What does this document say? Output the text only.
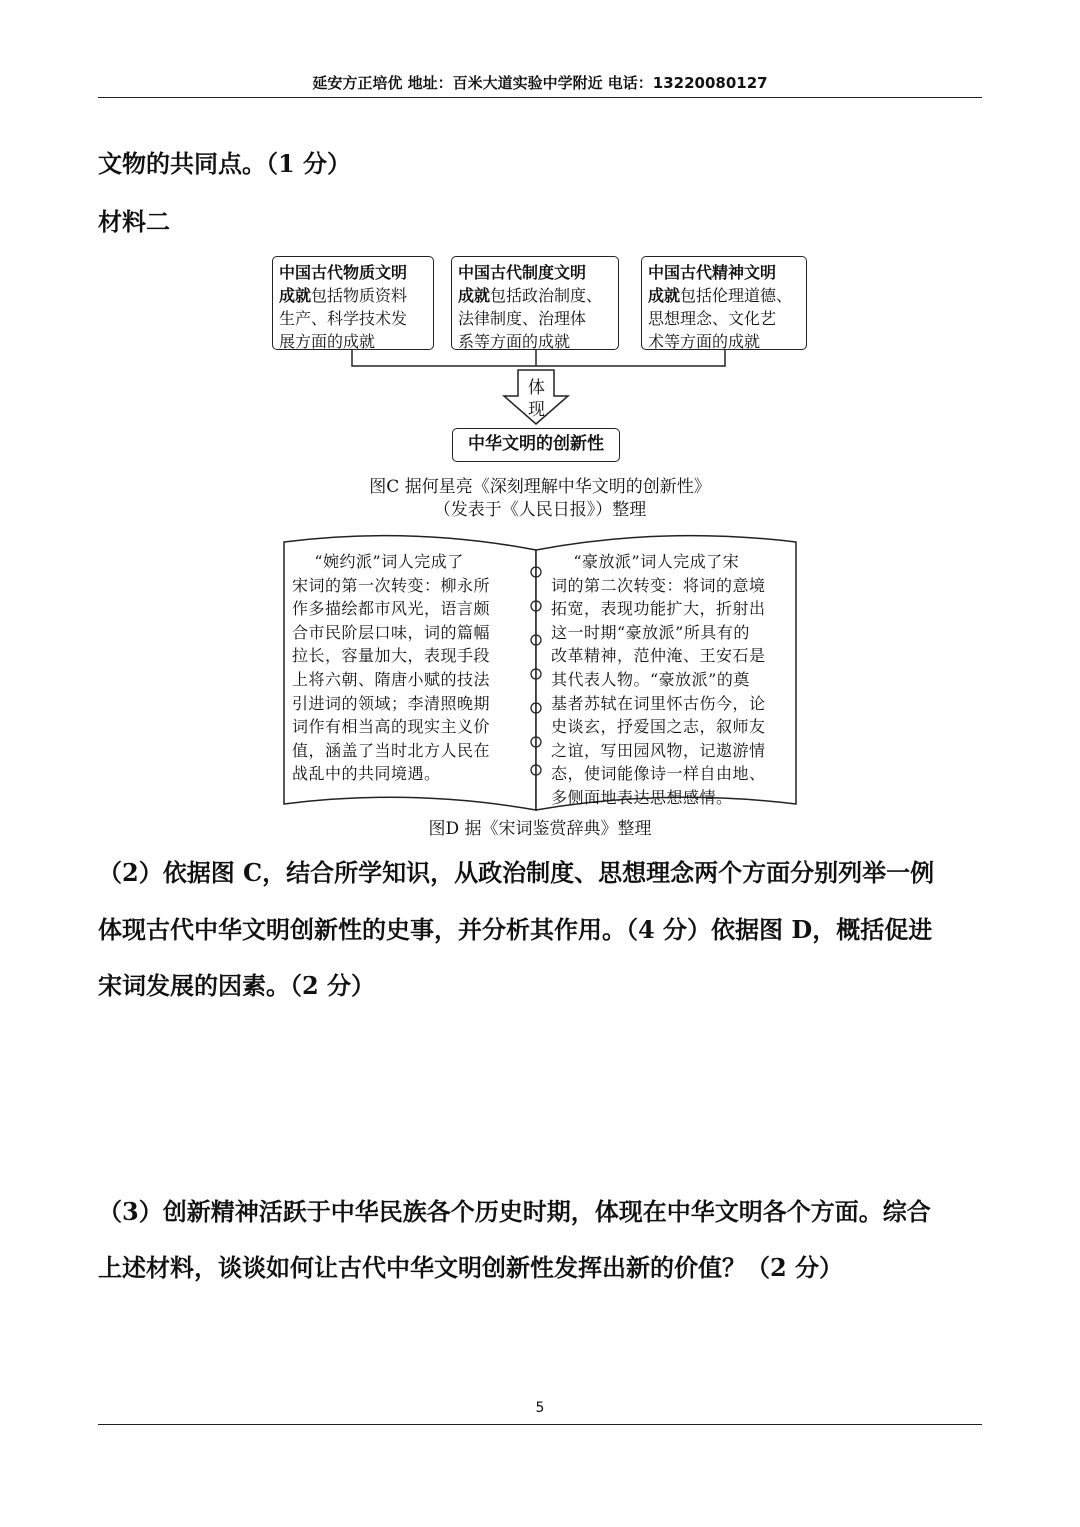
延安方正培优 地址：百米大道实验中学附近 电话：13220080127
文物的共同点。（1 分）
材料二
中国古代物质文明
成就包括物质资料
生产、科学技术发
展方面的成就
中国古代制度文明
成就包括政治制度、
法律制度、治理体
系等方面的成就
中国古代精神文明
成就包括伦理道德、
思想理念、文化艺
术等方面的成就
体
现
中华文明的创新性
图C 据何星亮《深刻理解中华文明的创新性》
（发表于《人民日报》）整理
“婉约派”词人完成了
宋词的第一次转变：柳永所
作多描绘都市风光，语言颇
合市民阶层口味，词的篇幅
拉长，容量加大，表现手段
上将六朝、隋唐小赋的技法
引进词的领域；李清照晚期
词作有相当高的现实主义价
值，涵盖了当时北方人民在
战乱中的共同境遇。
“豪放派”词人完成了宋
词的第二次转变：将词的意境
拓宽，表现功能扩大，折射出
这一时期“豪放派”所具有的
改革精神，范仲淹、王安石是
其代表人物。“豪放派”的奠
基者苏轼在词里怀古伤今，论
史谈玄，抒爱国之志，叙师友
之谊，写田园风物，记遨游情
态，使词能像诗一样自由地、
多侧面地表达思想感情。
图D 据《宋词鉴赏辞典》整理
（2）依据图 C，结合所学知识，从政治制度、思想理念两个方面分别列举一例
体现古代中华文明创新性的史事，并分析其作用。（4 分）依据图 D，概括促进
宋词发展的因素。（2 分）
（3）创新精神活跃于中华民族各个历史时期，体现在中华文明各个方面。综合
上述材料，谈谈如何让古代中华文明创新性发挥出新的价值？（2 分）
5
